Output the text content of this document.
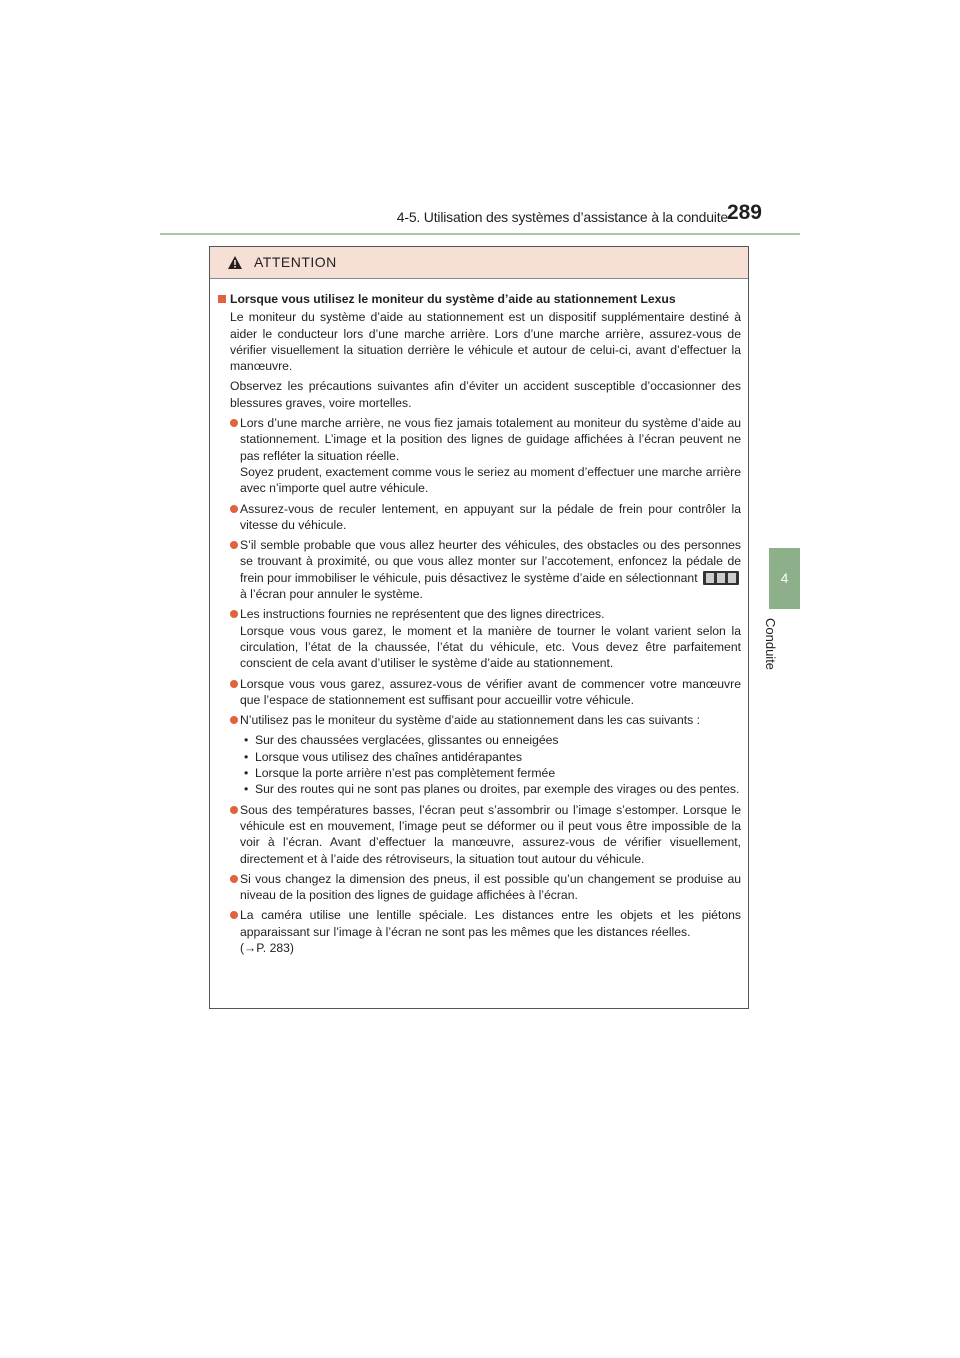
4-5. Utilisation des systèmes d’assistance à la conduite
289
4
Conduite
ATTENTION
Lorsque vous utilisez le moniteur du système d’aide au stationnement Lexus
Le moniteur du système d’aide au stationnement est un dispositif supplémentaire destiné à aider le conducteur lors d’une marche arrière. Lors d’une marche arrière, assurez-vous de vérifier visuellement la situation derrière le véhicule et autour de celui-ci, avant d’effectuer la manœuvre.
Observez les précautions suivantes afin d’éviter un accident susceptible d’occasionner des blessures graves, voire mortelles.
Lors d’une marche arrière, ne vous fiez jamais totalement au moniteur du système d’aide au stationnement. L’image et la position des lignes de guidage affichées à l’écran peuvent ne pas refléter la situation réelle.
Soyez prudent, exactement comme vous le seriez au moment d’effectuer une marche arrière avec n’importe quel autre véhicule.
Assurez-vous de reculer lentement, en appuyant sur la pédale de frein pour contrôler la vitesse du véhicule.
S’il semble probable que vous allez heurter des véhicules, des obstacles ou des personnes se trouvant à proximité, ou que vous allez monter sur l’accotement, enfoncez la pédale de frein pour immobiliser le véhicule, puis désactivez le système d’aide en sélectionnant
à l’écran pour annuler le système.
Les instructions fournies ne représentent que des lignes directrices.
Lorsque vous vous garez, le moment et la manière de tourner le volant varient selon la circulation, l’état de la chaussée, l’état du véhicule, etc. Vous devez être parfaitement conscient de cela avant d’utiliser le système d’aide au stationnement.
Lorsque vous vous garez, assurez-vous de vérifier avant de commencer votre manœuvre que l’espace de stationnement est suffisant pour accueillir votre véhicule.
N’utilisez pas le moniteur du système d’aide au stationnement dans les cas suivants :
• Sur des chaussées verglacées, glissantes ou enneigées
• Lorsque vous utilisez des chaînes antidérapantes
• Lorsque la porte arrière n’est pas complètement fermée
• Sur des routes qui ne sont pas planes ou droites, par exemple des virages ou des pentes.
Sous des températures basses, l’écran peut s’assombrir ou l’image s’estomper. Lorsque le véhicule est en mouvement, l’image peut se déformer ou il peut vous être impossible de la voir à l’écran. Avant d’effectuer la manœuvre, assurez-vous de vérifier visuellement, directement et à l’aide des rétroviseurs, la situation tout autour du véhicule.
Si vous changez la dimension des pneus, il est possible qu’un changement se produise au niveau de la position des lignes de guidage affichées à l’écran.
La caméra utilise une lentille spéciale. Les distances entre les objets et les piétons apparaissant sur l’image à l’écran ne sont pas les mêmes que les distances réelles.
(→P. 283)
